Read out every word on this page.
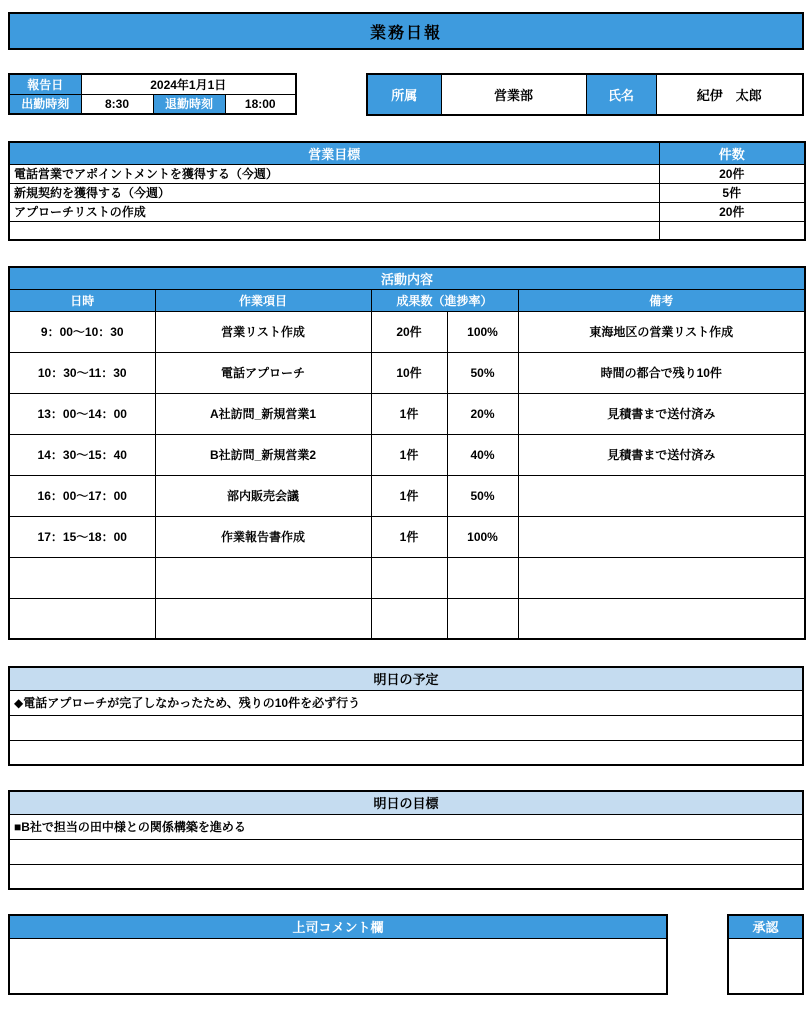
業務日報
報告日	2024年1月1日		
出勤時刻	8:30	退勤時刻	18:00
所属	営業部	氏名	紀伊　太郎
営業目標	件数
電話営業でアポイントメントを獲得する（今週）	20件
新規契約を獲得する（今週）	5件
アプローチリストの作成	20件

活動内容				
日時	作業項目	成果数（進捗率）		備考
9：00～10：30	営業リスト作成	20件	100%	東海地区の営業リスト作成
10：30～11：30	電話アプローチ	10件	50%	時間の都合で残り10件
13：00～14：00	A社訪問_新規営業1	1件	20%	見積書まで送付済み
14：30～15：40	B社訪問_新規営業2	1件	40%	見積書まで送付済み
16：00～17：00	部内販売会議	1件	50%	
17：15～18：00	作業報告書作成	1件	100%	

明日の予定
◆電話アプローチが完了しなかったため、残りの10件を必ず行う

明日の目標
■B社で担当の田中様との関係構築を進める

上司コメント欄	承認
